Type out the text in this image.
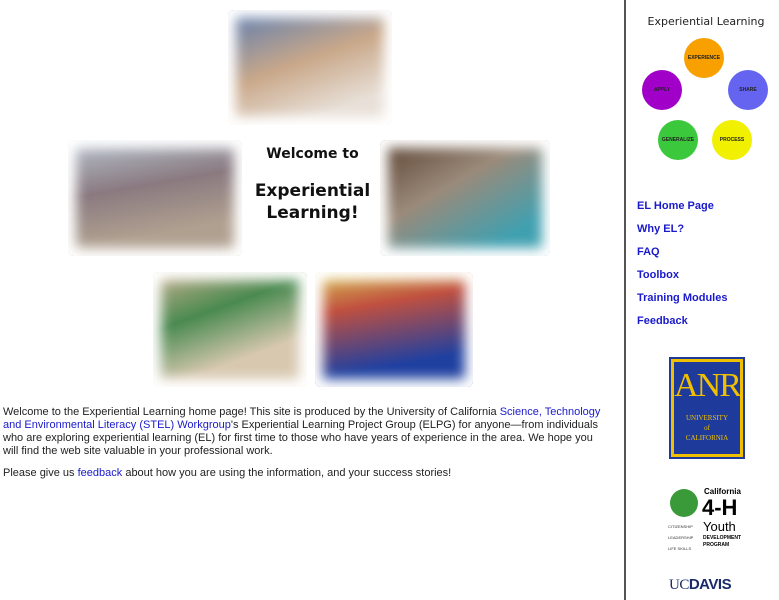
Welcome to
Experiential Learning!

Welcome to the Experiential Learning home page! This site is produced by the University of California Science, Technology and Environmental Literacy (STEL) Workgroup's Experiential Learning Project Group (ELPG) for anyone—from individuals who are exploring experiential learning (EL) for first time to those who have years of experience in the area. We hope you will find the web site valuable in your professional work.

Please give us feedback about how you are using the information, and your success stories!

Experiential Learning
EXPERIENCE
SHARE
PROCESS
GENERALIZE
APPLY
EL Home Page
Why EL?
FAQ
Toolbox
Training Modules
Feedback
ANR
UNIVERSITY
of
CALIFORNIA
California
4-H
Youth
DEVELOPMENT
PROGRAM
CITIZENSHIP
LEADERSHIP
LIFE SKILLS
UCDAVIS
